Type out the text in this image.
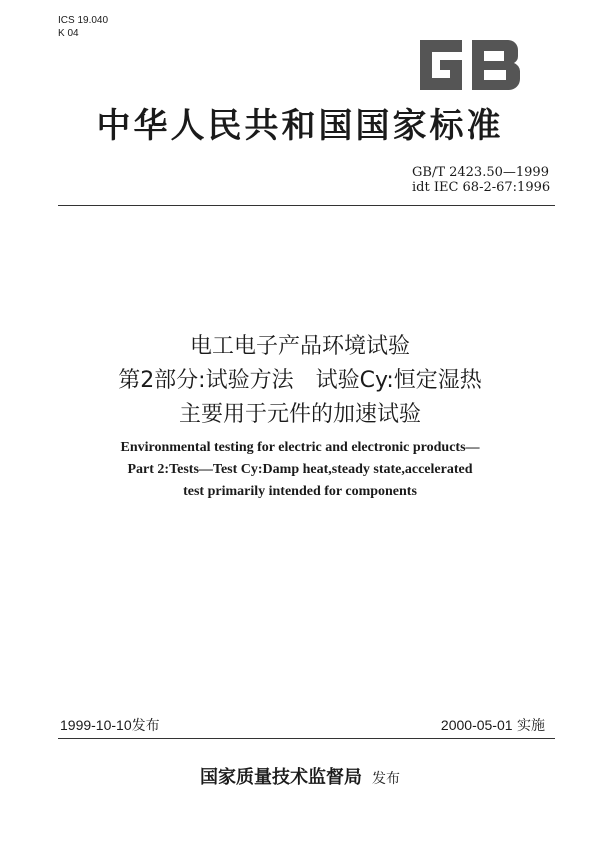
ICS 19.040
K 04
中华人民共和国国家标准
GB/T 2423.50—1999
idt IEC 68-2-67:1996
电工电子产品环境试验
第2部分:试验方法　试验Cy:恒定湿热
主要用于元件的加速试验
Environmental testing for electric and electronic products—
Part 2:Tests—Test Cy:Damp heat,steady state,accelerated
test primarily intended for components
1999-10-10发布	2000-05-01 实施
国家质量技术监督局 发布
